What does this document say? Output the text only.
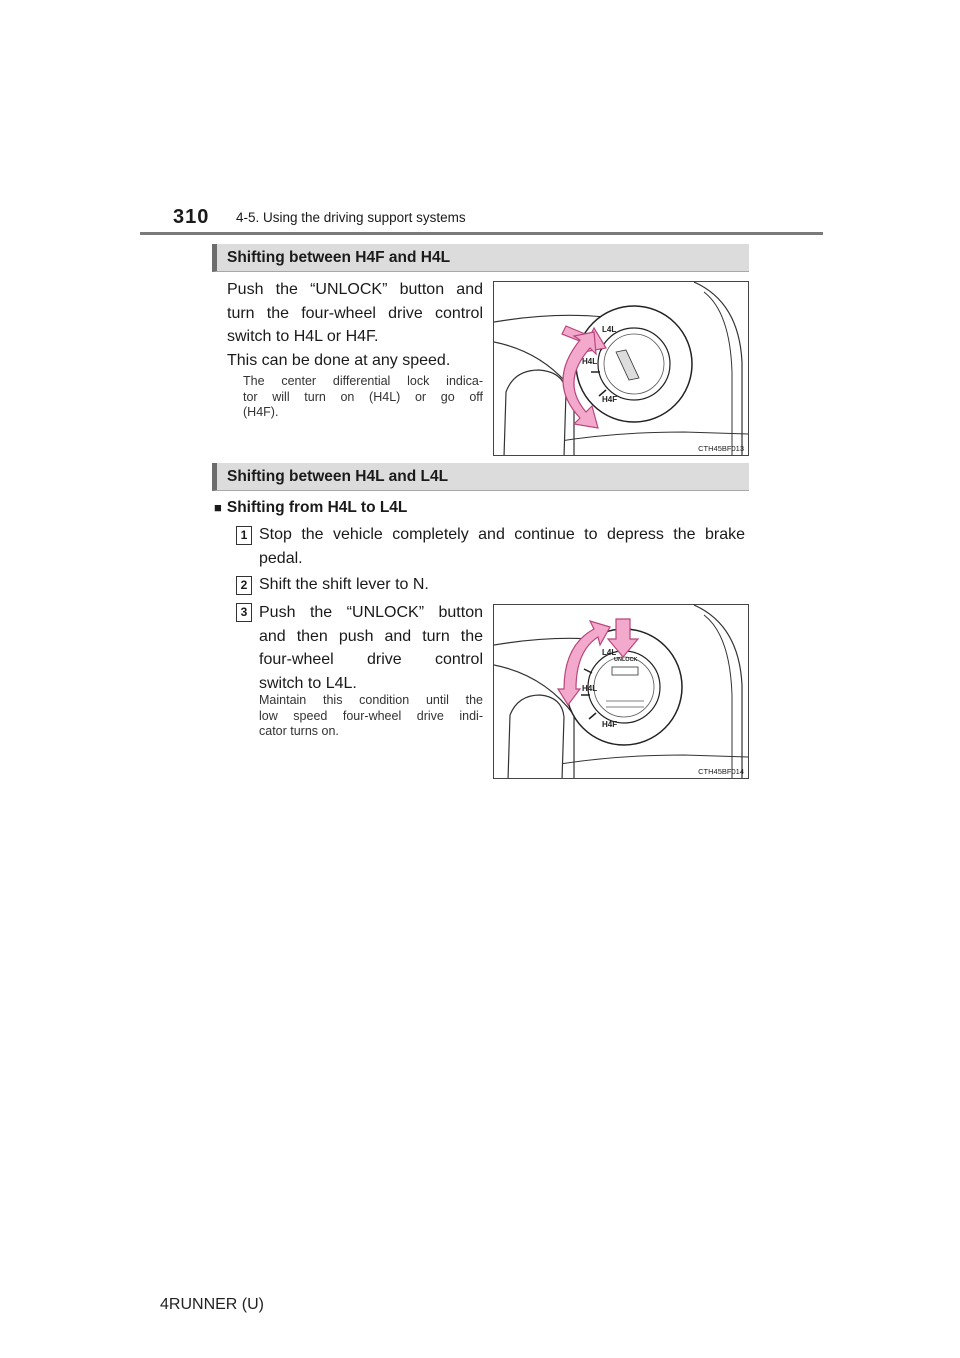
310 4-5. Using the driving support systems
Shifting between H4F and H4L
Push the “UNLOCK” button and
turn the four-wheel drive control
switch to H4L or H4F.
This can be done at any speed.
The center differential lock indica-
tor will turn on (H4L) or go off
(H4F).
L4L
H4L
H4F
CTH45BF013
Shifting between H4L and L4L
■ Shifting from H4L to L4L
1 Stop the vehicle completely and continue to depress the brake
pedal.
2 Shift the shift lever to N.
3 Push the “UNLOCK” button
and then push and turn the
four-wheel drive control
switch to L4L.
Maintain this condition until the
low speed four-wheel drive indi-
cator turns on.
UNLOCK
L4L
H4L
H4F
CTH45BF014
4RUNNER (U)
